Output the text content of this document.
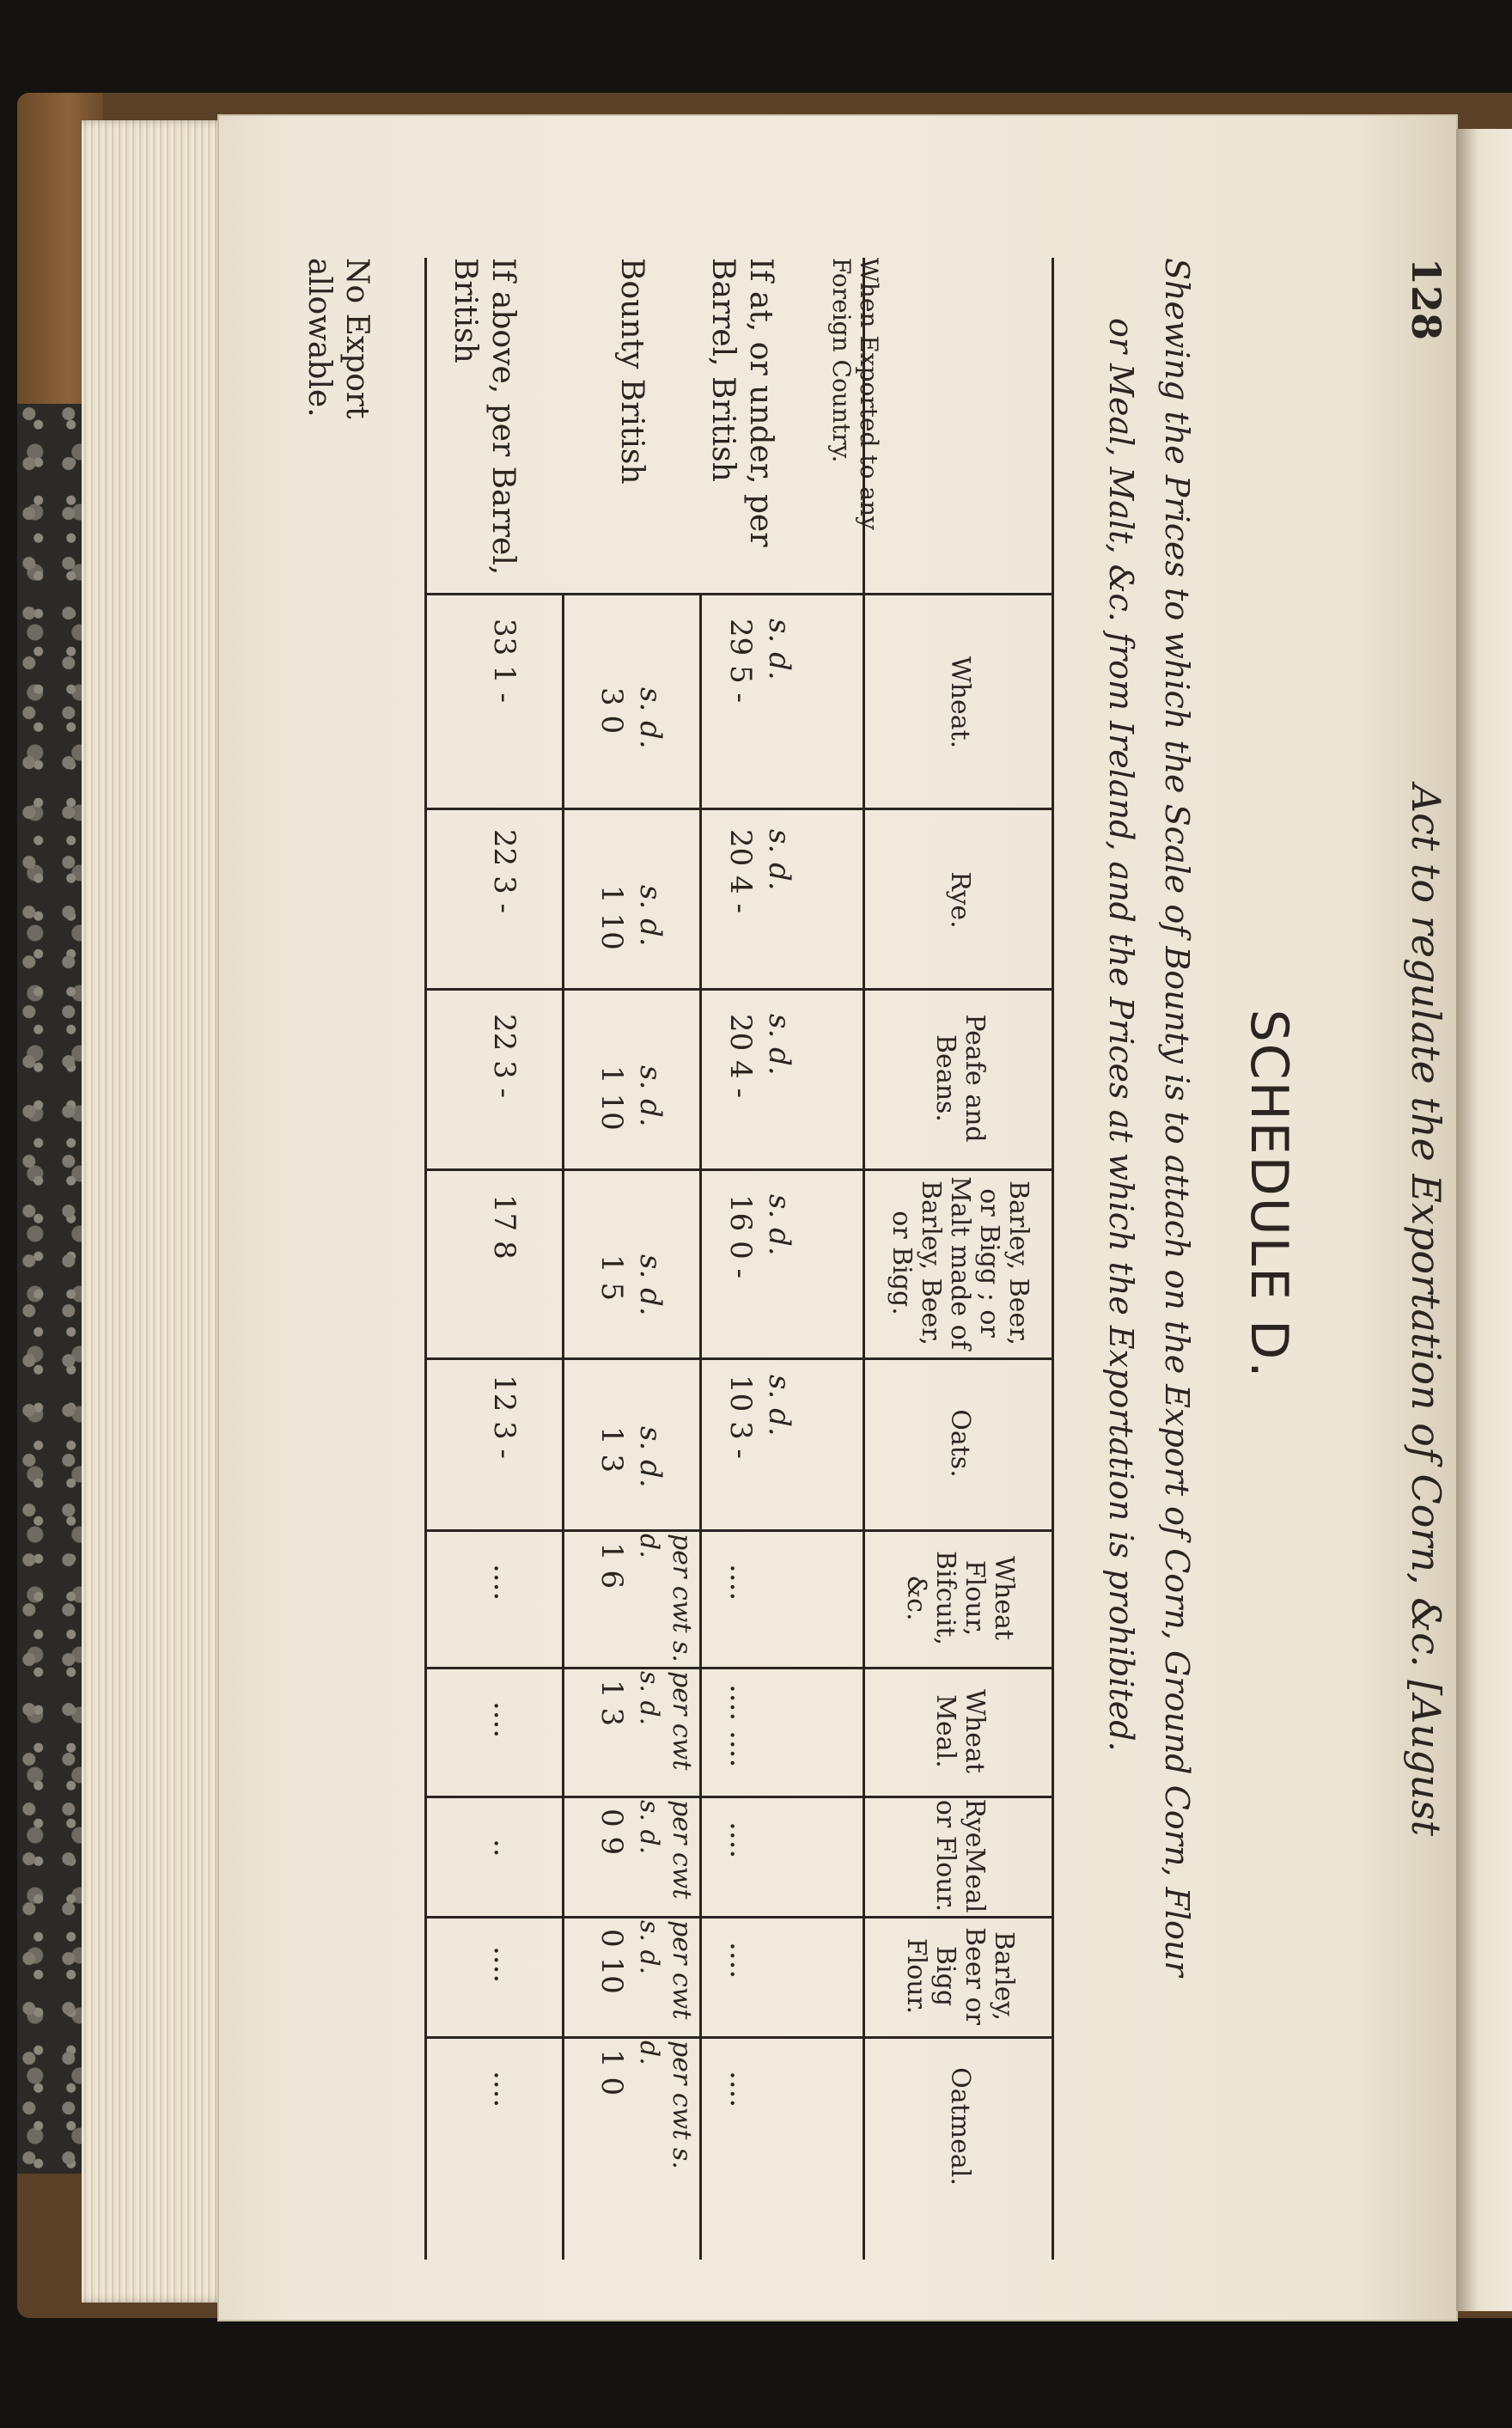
128
Act to regulate the Exportation of Corn, &c. [August
SCHEDULE D.
Shewing the Prices to which the Scale of Bounty is to attach on the Export of Corn, Ground Corn, Flour
or Meal, Malt, &c. from Ireland, and the Prices at which the Exportation is prohibited.
Wheat.
Rye.
Peafe and Beans.
Barley, Beer, or Bigg ; or Malt made of Barley, Beer, or Bigg.
Oats.
Wheat Flour, Bifcuit, &c.
Wheat Meal.
RyeMeal or Flour.
Barley, Beer or Bigg Flour.
Oatmeal.
When Exported to any Foreign Country.
If at, or under, per Barrel, British
Bounty British
If above, per Barrel, British
No Export allowable.
s. d.
29 5 -
s. d.
20 4 -
s. d.
20 4 -
s. d.
16 0 -
s. d.
10 3 -
....
.... ....
....
....
....
s. d.
3 0
s. d.
1 10
s. d.
1 10
s. d.
1 5
s. d.
1 3
per cwt s. d.
1 6
per cwt s. d.
1 3
per cwt s. d.
0 9
per cwt s. d.
0 10
per cwt s. d.
1 0
33 1 -
22 3 -
22 3 -
17 8
12 3 -
....
....
..
....
....
